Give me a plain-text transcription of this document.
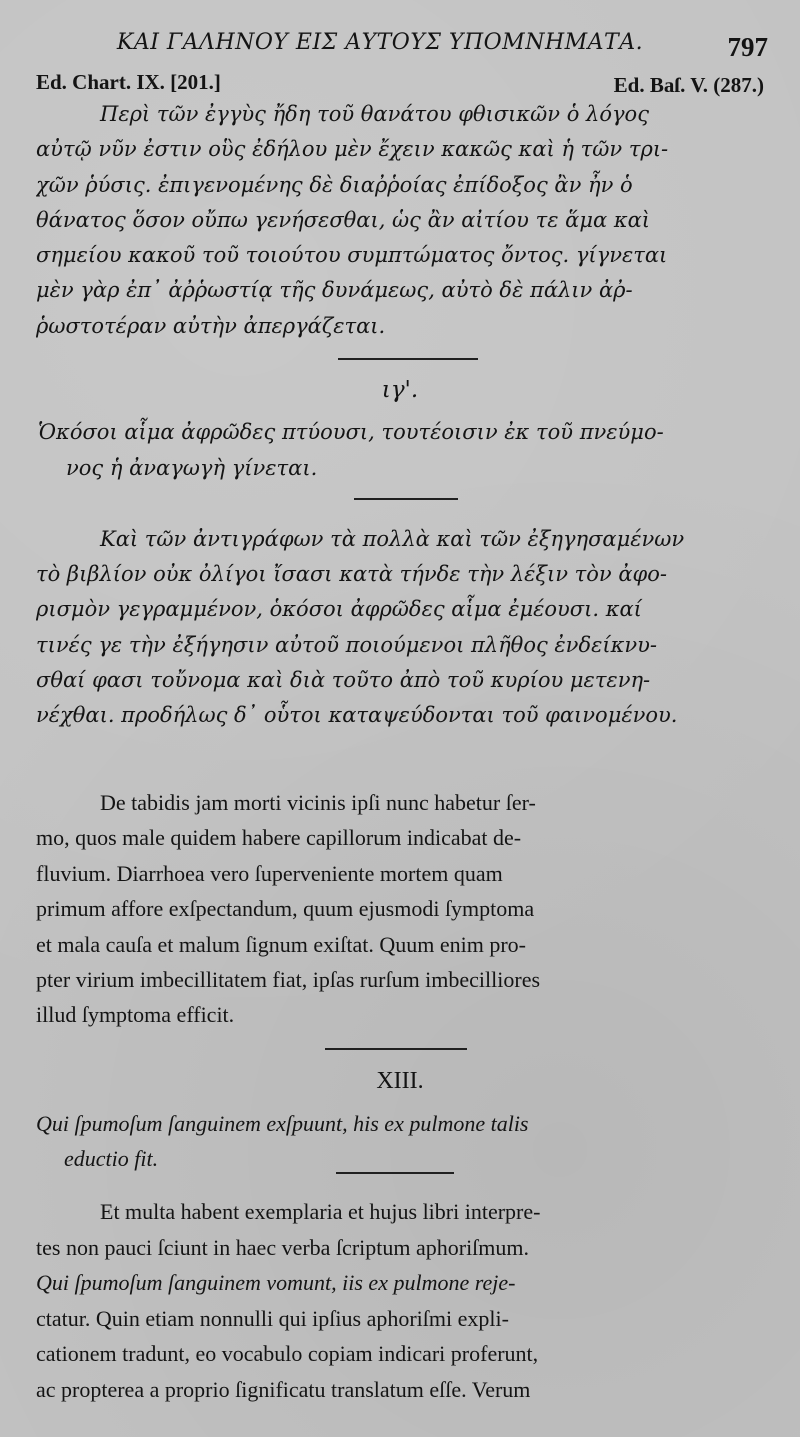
ΚΑΙ ΓΑΛΗΝΟΥ ΕΙΣ ΑΥΤΟΥΣ ΥΠΟΜΝΗΜΑΤΑ.	797
Ed. Chart. IX. [201.]	Ed. Baſ. V. (287.)
Περὶ τῶν ἐγγὺς ἤδη τοῦ θανάτου φθισικῶν ὁ λόγος
αὐτῷ νῦν ἐστιν οὓς ἐδήλου μὲν ἔχειν κακῶς καὶ ἡ τῶν τρι-
χῶν ῥύσις. ἐπιγενομένης δὲ διαῤῥοίας ἐπίδοξος ἂν ἦν ὁ
θάνατος ὅσον οὔπω γενήσεσθαι, ὡς ἂν αἰτίου τε ἅμα καὶ
σημείου κακοῦ τοῦ τοιούτου συμπτώματος ὄντος. γίγνεται
μὲν γὰρ ἐπ᾽ ἀῤῥωστίᾳ τῆς δυνάμεως, αὐτὸ δὲ πάλιν ἀῤ-
ῥωστοτέραν αὐτὴν ἀπεργάζεται.
ιγ'.
Ὁκόσοι αἷμα ἀφρῶδες πτύουσι, τουτέοισιν ἐκ τοῦ πνεύμο-
νος ἡ ἀναγωγὴ γίνεται.
Καὶ τῶν ἀντιγράφων τὰ πολλὰ καὶ τῶν ἐξηγησαμένων
τὸ βιβλίον οὐκ ὀλίγοι ἴσασι κατὰ τήνδε τὴν λέξιν τὸν ἀφο-
ρισμὸν γεγραμμένον, ὁκόσοι ἀφρῶδες αἷμα ἐμέουσι. καί
τινές γε τὴν ἐξήγησιν αὐτοῦ ποιούμενοι πλῆθος ἐνδείκνυ-
σθαί φασι τοὔνομα καὶ διὰ τοῦτο ἀπὸ τοῦ κυρίου μετενη-
νέχθαι. προδήλως δ᾽ οὗτοι καταψεύδονται τοῦ φαινομένου.
De tabidis jam morti vicinis ipſi nunc habetur ſer-
mo, quos male quidem habere capillorum indicabat de-
fluvium. Diarrhoea vero ſuperveniente mortem quam
primum affore exſpectandum, quum ejusmodi ſymptoma
et mala cauſa et malum ſignum exiſtat. Quum enim pro-
pter virium imbecillitatem fiat, ipſas rurſum imbecilliores
illud ſymptoma efficit.
XIII.
Qui ſpumoſum ſanguinem exſpuunt, his ex pulmone talis
eductio fit.
Et multa habent exemplaria et hujus libri interpre-
tes non pauci ſciunt in haec verba ſcriptum aphoriſmum.
Qui ſpumoſum ſanguinem vomunt, iis ex pulmone reje-
ctatur. Quin etiam nonnulli qui ipſius aphoriſmi expli-
cationem tradunt, eo vocabulo copiam indicari proferunt,
ac propterea a proprio ſignificatu translatum eſſe. Verum
